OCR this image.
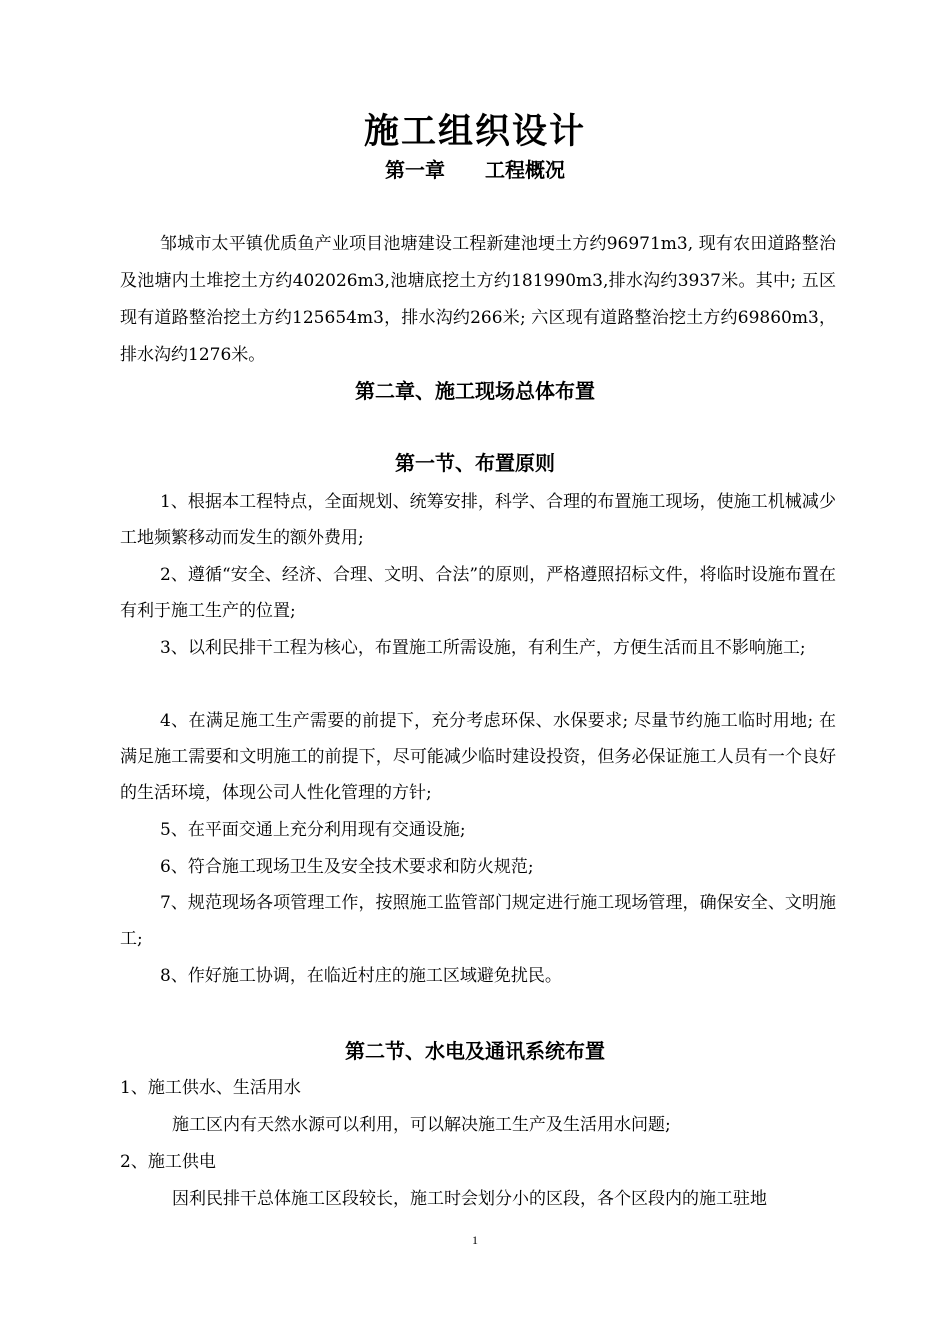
施工组织设计
第一章　　工程概况

邹城市太平镇优质鱼产业项目池塘建设工程新建池埂土方约96971m3, 现有农田道路整治及池塘内土堆挖土方约402026m3,池塘底挖土方约181990m3,排水沟约3937米。其中; 五区现有道路整治挖土方约125654m3，排水沟约266米; 六区现有道路整治挖土方约69860m3，排水沟约1276米。

第二章、施工现场总体布置
第一节、布置原则

1、根据本工程特点，全面规划、统筹安排，科学、合理的布置施工现场，使施工机械减少工地频繁移动而发生的额外费用;

2、遵循“安全、经济、合理、文明、合法”的原则，严格遵照招标文件，将临时设施布置在有利于施工生产的位置;

3、以利民排干工程为核心，布置施工所需设施，有利生产，方便生活而且不影响施工;

4、在满足施工生产需要的前提下，充分考虑环保、水保要求; 尽量节约施工临时用地; 在满足施工需要和文明施工的前提下，尽可能减少临时建设投资，但务必保证施工人员有一个良好的生活环境，体现公司人性化管理的方针;

5、在平面交通上充分利用现有交通设施;

6、符合施工现场卫生及安全技术要求和防火规范;

7、规范现场各项管理工作，按照施工监管部门规定进行施工现场管理，确保安全、文明施工;

8、作好施工协调，在临近村庄的施工区域避免扰民。

第二节、水电及通讯系统布置

1、施工供水、生活用水

施工区内有天然水源可以利用，可以解决施工生产及生活用水问题;

2、施工供电

因利民排干总体施工区段较长，施工时会划分小的区段，各个区段内的施工驻地

1
